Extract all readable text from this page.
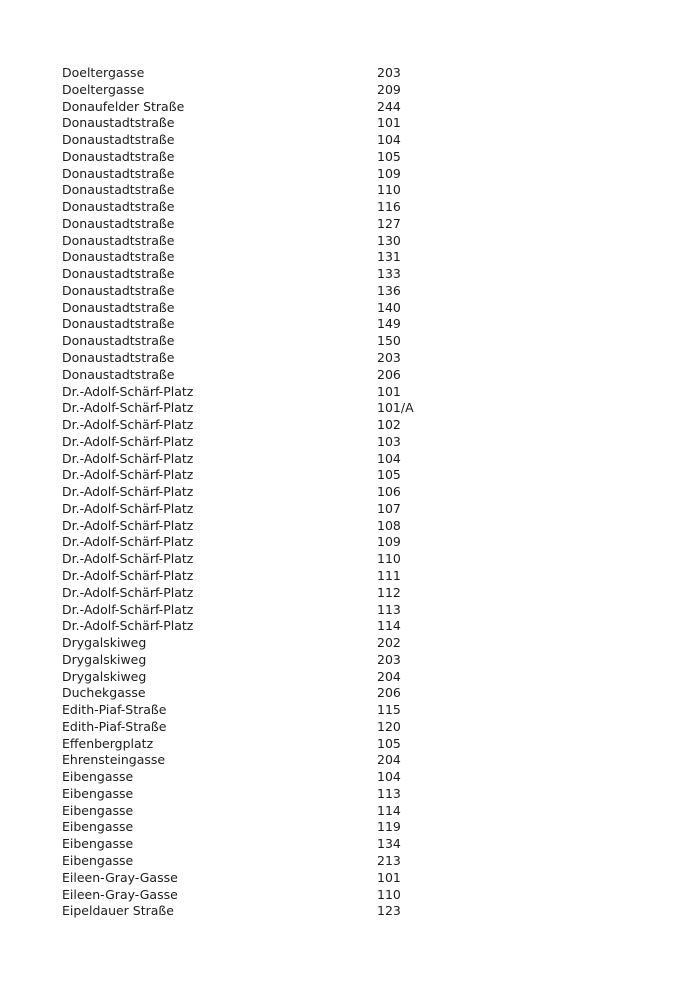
Doeltergasse	203
Doeltergasse	209
Donaufelder Straße	244
Donaustadtstraße	101
Donaustadtstraße	104
Donaustadtstraße	105
Donaustadtstraße	109
Donaustadtstraße	110
Donaustadtstraße	116
Donaustadtstraße	127
Donaustadtstraße	130
Donaustadtstraße	131
Donaustadtstraße	133
Donaustadtstraße	136
Donaustadtstraße	140
Donaustadtstraße	149
Donaustadtstraße	150
Donaustadtstraße	203
Donaustadtstraße	206
Dr.-Adolf-Schärf-Platz	101
Dr.-Adolf-Schärf-Platz	101/A
Dr.-Adolf-Schärf-Platz	102
Dr.-Adolf-Schärf-Platz	103
Dr.-Adolf-Schärf-Platz	104
Dr.-Adolf-Schärf-Platz	105
Dr.-Adolf-Schärf-Platz	106
Dr.-Adolf-Schärf-Platz	107
Dr.-Adolf-Schärf-Platz	108
Dr.-Adolf-Schärf-Platz	109
Dr.-Adolf-Schärf-Platz	110
Dr.-Adolf-Schärf-Platz	111
Dr.-Adolf-Schärf-Platz	112
Dr.-Adolf-Schärf-Platz	113
Dr.-Adolf-Schärf-Platz	114
Drygalskiweg	202
Drygalskiweg	203
Drygalskiweg	204
Duchekgasse	206
Edith-Piaf-Straße	115
Edith-Piaf-Straße	120
Effenbergplatz	105
Ehrensteingasse	204
Eibengasse	104
Eibengasse	113
Eibengasse	114
Eibengasse	119
Eibengasse	134
Eibengasse	213
Eileen-Gray-Gasse	101
Eileen-Gray-Gasse	110
Eipeldauer Straße	123
